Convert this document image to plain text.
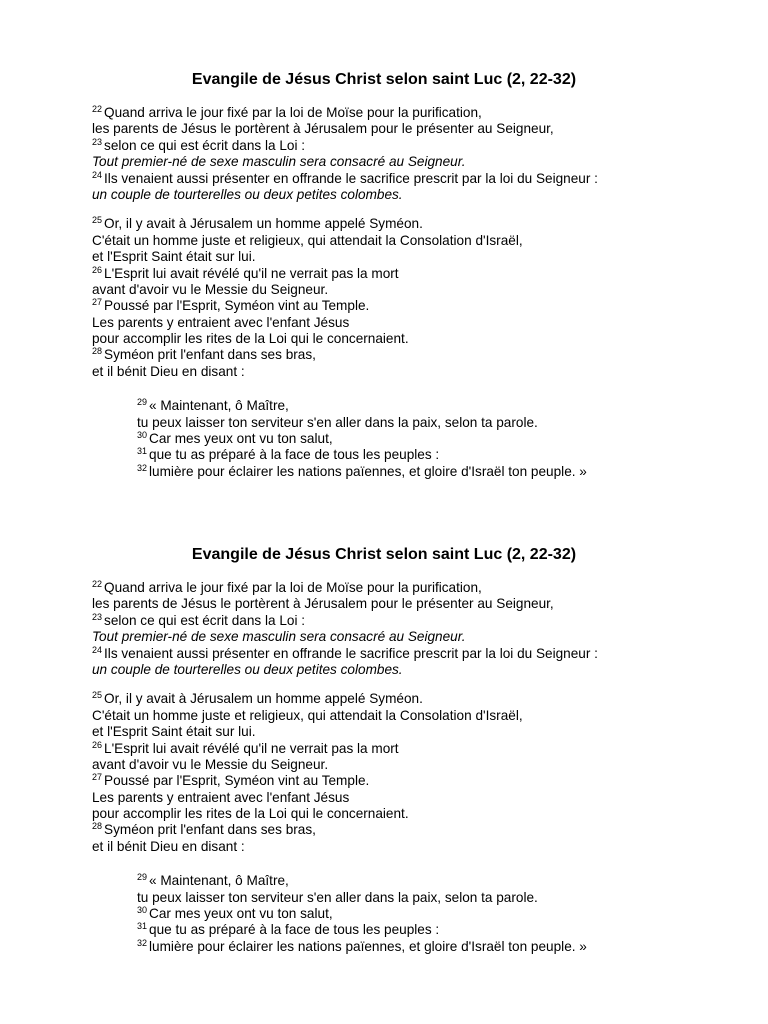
Evangile de Jésus Christ selon saint Luc (2, 22-32)
$^{22}$ Quand arriva le jour fixé par la loi de Moïse pour la purification,
les parents de Jésus le portèrent à Jérusalem pour le présenter au Seigneur,
$^{23}$ selon ce qui est écrit dans la Loi :
Tout premier-né de sexe masculin sera consacré au Seigneur.
$^{24}$ Ils venaient aussi présenter en offrande le sacrifice prescrit par la loi du Seigneur :
un couple de tourterelles ou deux petites colombes.
$^{25}$ Or, il y avait à Jérusalem un homme appelé Syméon.
C'était un homme juste et religieux, qui attendait la Consolation d'Israël,
et l'Esprit Saint était sur lui.
$^{26}$ L'Esprit lui avait révélé qu'il ne verrait pas la mort
avant d'avoir vu le Messie du Seigneur.
$^{27}$ Poussé par l'Esprit, Syméon vint au Temple.
Les parents y entraient avec l'enfant Jésus
pour accomplir les rites de la Loi qui le concernaient.
$^{28}$ Syméon prit l'enfant dans ses bras,
et il bénit Dieu en disant :
$^{29}$ « Maintenant, ô Maître,
tu peux laisser ton serviteur s'en aller dans la paix, selon ta parole.
$^{30}$ Car mes yeux ont vu ton salut,
$^{31}$ que tu as préparé à la face de tous les peuples :
$^{32}$ lumière pour éclairer les nations païennes, et gloire d'Israël ton peuple. »
Evangile de Jésus Christ selon saint Luc (2, 22-32)
$^{22}$ Quand arriva le jour fixé par la loi de Moïse pour la purification,
les parents de Jésus le portèrent à Jérusalem pour le présenter au Seigneur,
$^{23}$ selon ce qui est écrit dans la Loi :
Tout premier-né de sexe masculin sera consacré au Seigneur.
$^{24}$ Ils venaient aussi présenter en offrande le sacrifice prescrit par la loi du Seigneur :
un couple de tourterelles ou deux petites colombes.
$^{25}$ Or, il y avait à Jérusalem un homme appelé Syméon.
C'était un homme juste et religieux, qui attendait la Consolation d'Israël,
et l'Esprit Saint était sur lui.
$^{26}$ L'Esprit lui avait révélé qu'il ne verrait pas la mort
avant d'avoir vu le Messie du Seigneur.
$^{27}$ Poussé par l'Esprit, Syméon vint au Temple.
Les parents y entraient avec l'enfant Jésus
pour accomplir les rites de la Loi qui le concernaient.
$^{28}$ Syméon prit l'enfant dans ses bras,
et il bénit Dieu en disant :
$^{29}$ « Maintenant, ô Maître,
tu peux laisser ton serviteur s'en aller dans la paix, selon ta parole.
$^{30}$ Car mes yeux ont vu ton salut,
$^{31}$ que tu as préparé à la face de tous les peuples :
$^{32}$ lumière pour éclairer les nations païennes, et gloire d'Israël ton peuple. »
